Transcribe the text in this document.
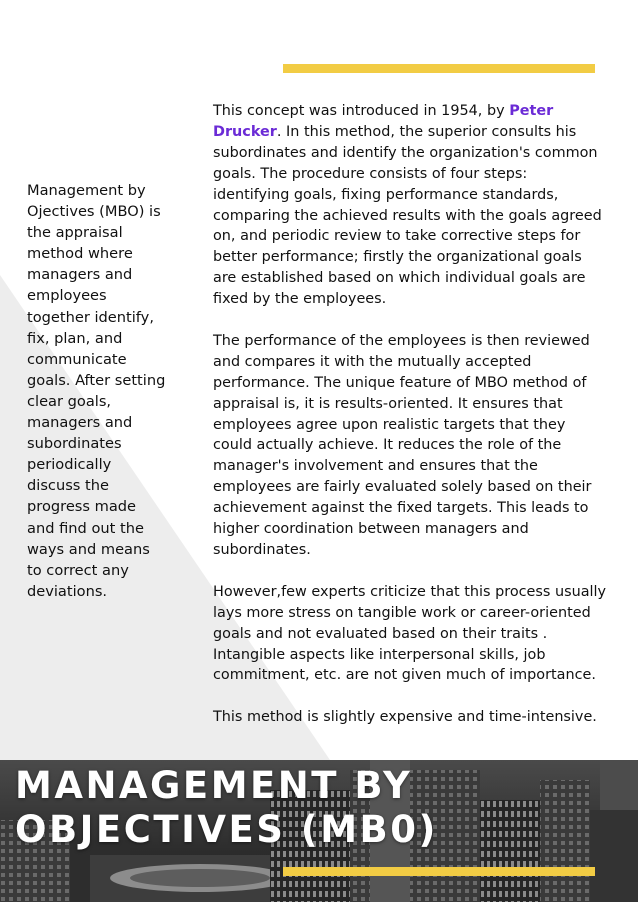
Management by
Ojectives (MBO) is
the appraisal
method where
managers and
employees
together identify,
fix, plan, and
communicate
goals. After setting
clear goals,
managers and
subordinates
periodically
discuss the
progress made
and find out the
ways and means
to correct any
deviations.

This concept was introduced in 1954, by Peter
Drucker. In this method, the superior consults his
subordinates and identify the organization's common
goals. The procedure consists of four steps:
identifying goals, fixing performance standards,
comparing the achieved results with the goals agreed
on, and periodic review to take corrective steps for
better performance; firstly the organizational goals
are established based on which individual goals are
fixed by the employees.

The performance of the employees is then reviewed
and compares it with the mutually accepted
performance. The unique feature of MBO method of
appraisal is, it is results-oriented. It ensures that
employees agree upon realistic targets that they
could actually achieve. It reduces the role of the
manager's involvement and ensures that the
employees are fairly evaluated solely based on their
achievement against the fixed targets. This leads to
higher coordination between managers and
subordinates.

However,few experts criticize that this process usually
lays more stress on tangible work or career-oriented
goals and not evaluated based on their traits .
Intangible aspects like interpersonal skills, job
commitment, etc. are not given much of importance.

This method is slightly expensive and time-intensive.

MANAGEMENT BY
OBJECTIVES (MB0)
